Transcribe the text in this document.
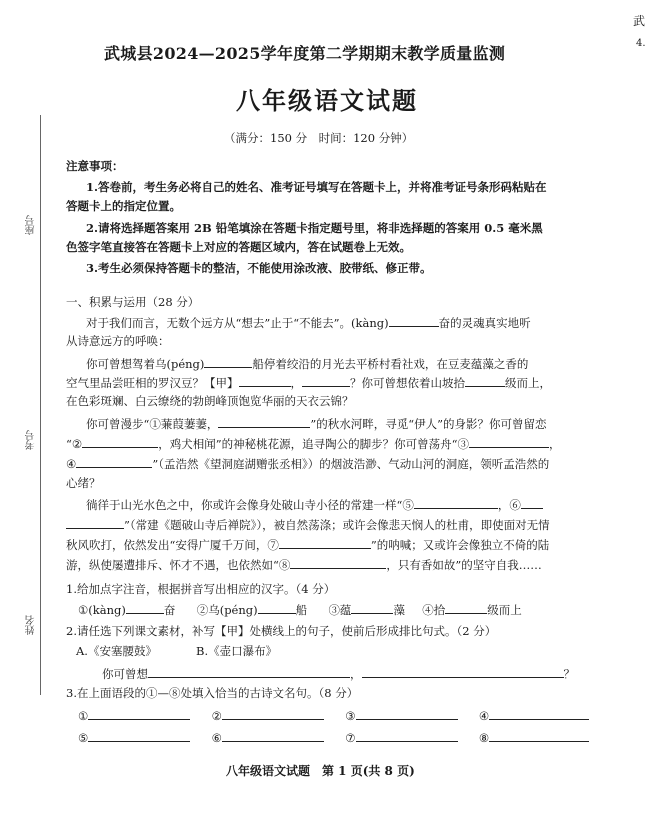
武
4.
武城县2024—2025学年度第二学期期末教学质量监测
八年级语文试题
（满分：150 分　时间：120 分钟）
座号
考号
姓名
注意事项：
1.答卷前，考生务必将自己的姓名、准考证号填写在答题卡上，并将准考证号条形码粘贴在
答题卡上的指定位置。
2.请将选择题答案用 2B 铅笔填涂在答题卡指定题号里，将非选择题的答案用 0.5 毫米黑
色签字笔直接答在答题卡上对应的答题区域内，答在试题卷上无效。
3.考生必须保持答题卡的整洁，不能使用涂改液、胶带纸、修正带。
一、积累与运用（28 分）
对于我们而言，无数个远方从“想去”止于“不能去”。(kàng)	奋的灵魂真实地听
从诗意远方的呼唤：
你可曾想驾着乌(péng)	船停着绞沿的月光去平桥村看社戏，在豆麦蕴藻之香的
空气里品尝旺相的罗汉豆？【甲】	，	？你可曾想依着山坡拾	级而上，
在色彩斑斓、白云缭绕的勃朗峰顶饱览华丽的天衣云锦？
你可曾漫步“①蒹葭萋萋，	”的秋水河畔，寻觅“伊人”的身影？你可曾留恋
“②	，鸡犬相闻”的神秘桃花源，追寻陶公的脚步？你可曾荡舟“③	，
④	”（孟浩然《望洞庭湖赠张丞相》）的烟波浩渺、气动山河的洞庭，领听孟浩然的
心绪？
徜徉于山光水色之中，你或许会像身处破山寺小径的常建一样“⑤	，⑥
”（常建《题破山寺后禅院》），被自然荡涤；或许会像悲天悯人的杜甫，即使面对无情
秋风吹打，依然发出“安得广厦千万间，⑦	”的呐喊；又或许会像独立不倚的陆
游，纵使屡遭排斥、怀才不遇，也依然如“⑧	，只有香如故”的坚守自我……
1.给加点字注音，根据拼音写出相应的汉字。（4 分）
①(kàng)	奋 ②乌(péng)	船 ③蕴	藻 ④拾	级而上
2.请任选下列课文素材，补写【甲】处横线上的句子，使前后形成排比句式。（2 分）
A.《安塞腰鼓》	B.《壶口瀑布》
你可曾想	，	？
3.在上面语段的①—⑧处填入恰当的古诗文名句。（8 分）
①	②	③	④
⑤	⑥	⑦	⑧
八年级语文试题　第 1 页(共 8 页)
